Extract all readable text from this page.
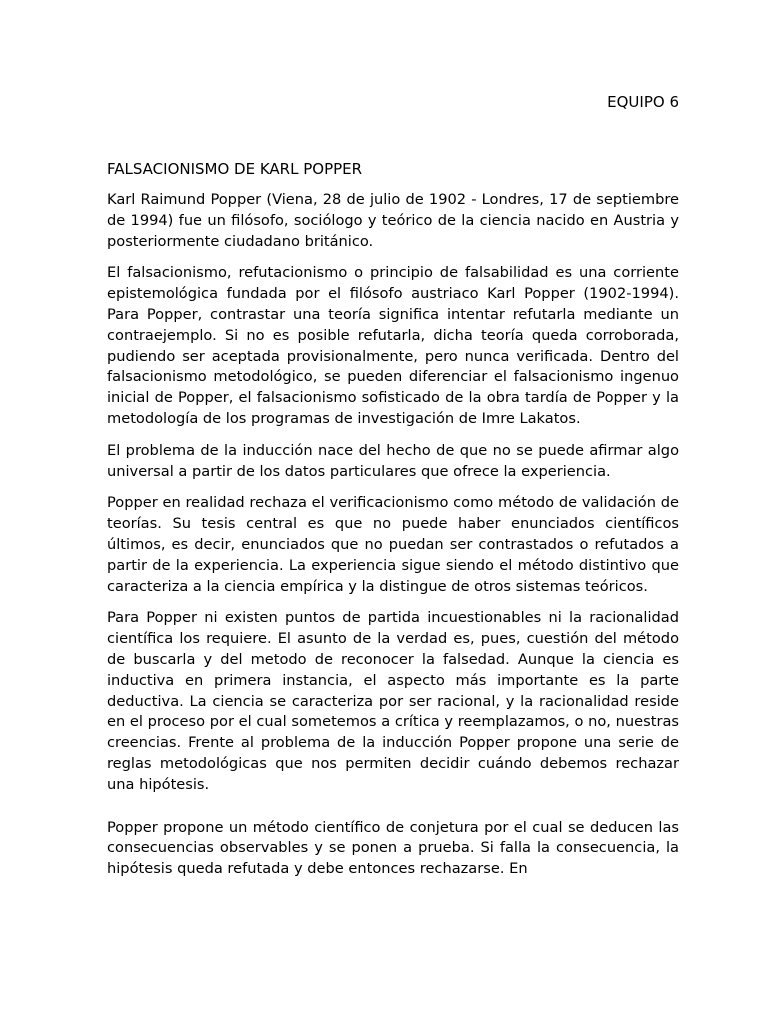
EQUIPO 6
FALSACIONISMO DE KARL POPPER

Karl Raimund Popper (Viena, 28 de julio de 1902 - Londres, 17 de septiembre de 1994) fue un filósofo, sociólogo y teórico de la ciencia nacido en Austria y posteriormente ciudadano británico.

El falsacionismo, refutacionismo o principio de falsabilidad es una corriente epistemológica fundada por el filósofo austriaco Karl Popper (1902-1994). Para Popper, contrastar una teoría significa intentar refutarla mediante un contraejemplo. Si no es posible refutarla, dicha teoría queda corroborada, pudiendo ser aceptada provisionalmente, pero nunca verificada. Dentro del falsacionismo metodológico, se pueden diferenciar el falsacionismo ingenuo inicial de Popper, el falsacionismo sofisticado de la obra tardía de Popper y la metodología de los programas de investigación de Imre Lakatos.

El problema de la inducción nace del hecho de que no se puede afirmar algo universal a partir de los datos particulares que ofrece la experiencia.

Popper en realidad rechaza el verificacionismo como método de validación de teorías. Su tesis central es que no puede haber enunciados científicos últimos, es decir, enunciados que no puedan ser contrastados o refutados a partir de la experiencia. La experiencia sigue siendo el método distintivo que caracteriza a la ciencia empírica y la distingue de otros sistemas teóricos.

Para Popper ni existen puntos de partida incuestionables ni la racionalidad científica los requiere. El asunto de la verdad es, pues, cuestión del método de buscarla y del metodo de reconocer la falsedad. Aunque la ciencia es inductiva en primera instancia, el aspecto más importante es la parte deductiva. La ciencia se caracteriza por ser racional, y la racionalidad reside en el proceso por el cual sometemos a crítica y reemplazamos, o no, nuestras creencias. Frente al problema de la inducción Popper propone una serie de reglas metodológicas que nos permiten decidir cuándo debemos rechazar una hipótesis.

Popper propone un método científico de conjetura por el cual se deducen las consecuencias observables y se ponen a prueba. Si falla la consecuencia, la hipótesis queda refutada y debe entonces rechazarse. En
